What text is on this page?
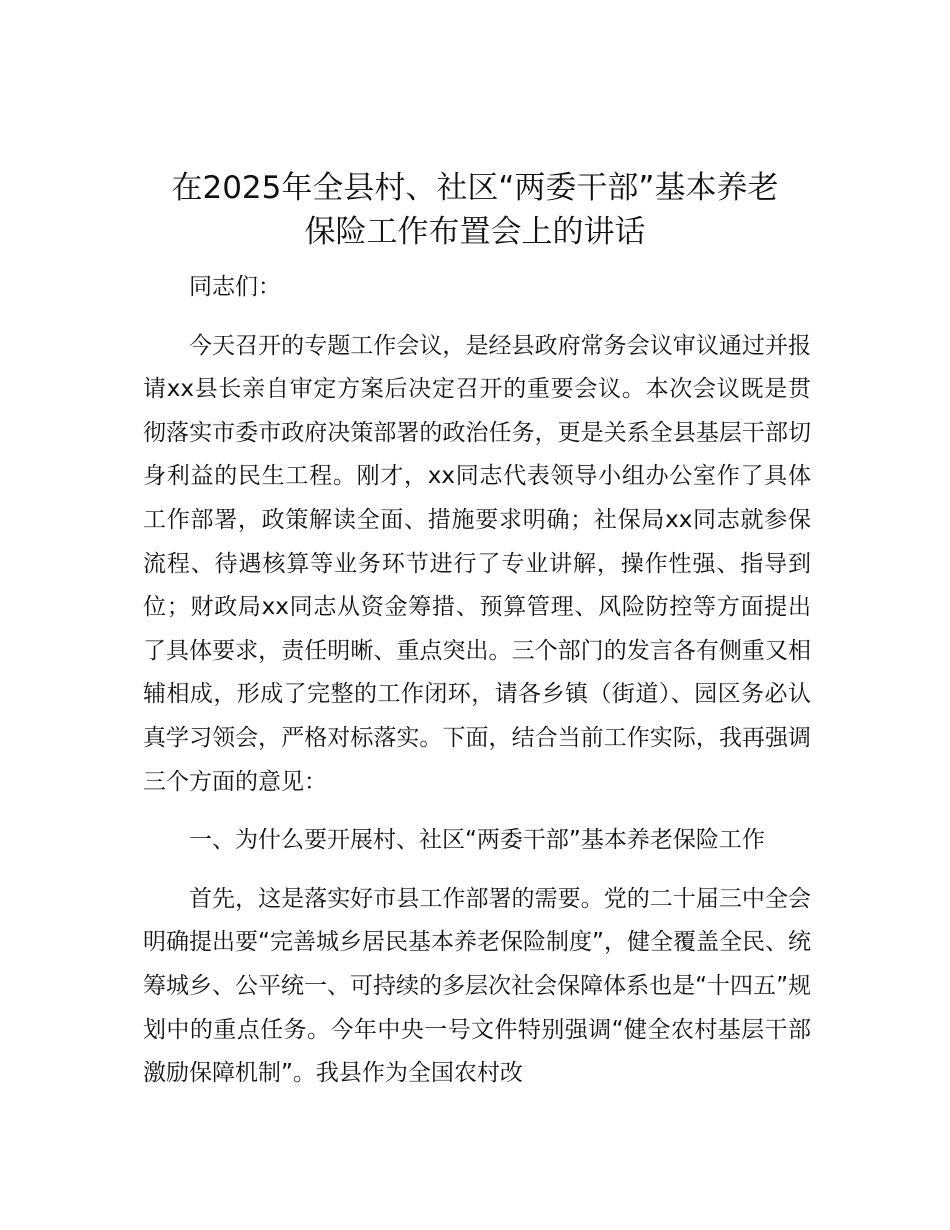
在2025年全县村、社区“两委干部”基本养老
保险工作布置会上的讲话

同志们：

今天召开的专题工作会议，是经县政府常务会议审议通过并报请xx县长亲自审定方案后决定召开的重要会议。本次会议既是贯彻落实市委市政府决策部署的政治任务，更是关系全县基层干部切身利益的民生工程。刚才，xx同志代表领导小组办公室作了具体工作部署，政策解读全面、措施要求明确；社保局xx同志就参保流程、待遇核算等业务环节进行了专业讲解，操作性强、指导到位；财政局xx同志从资金筹措、预算管理、风险防控等方面提出了具体要求，责任明晰、重点突出。三个部门的发言各有侧重又相辅相成，形成了完整的工作闭环，请各乡镇（街道）、园区务必认真学习领会，严格对标落实。下面，结合当前工作实际，我再强调三个方面的意见：

一、为什么要开展村、社区“两委干部”基本养老保险工作

首先，这是落实好市县工作部署的需要。党的二十届三中全会明确提出要“完善城乡居民基本养老保险制度”，健全覆盖全民、统筹城乡、公平统一、可持续的多层次社会保障体系也是“十四五”规划中的重点任务。今年中央一号文件特别强调“健全农村基层干部激励保障机制”。我县作为全国农村改
